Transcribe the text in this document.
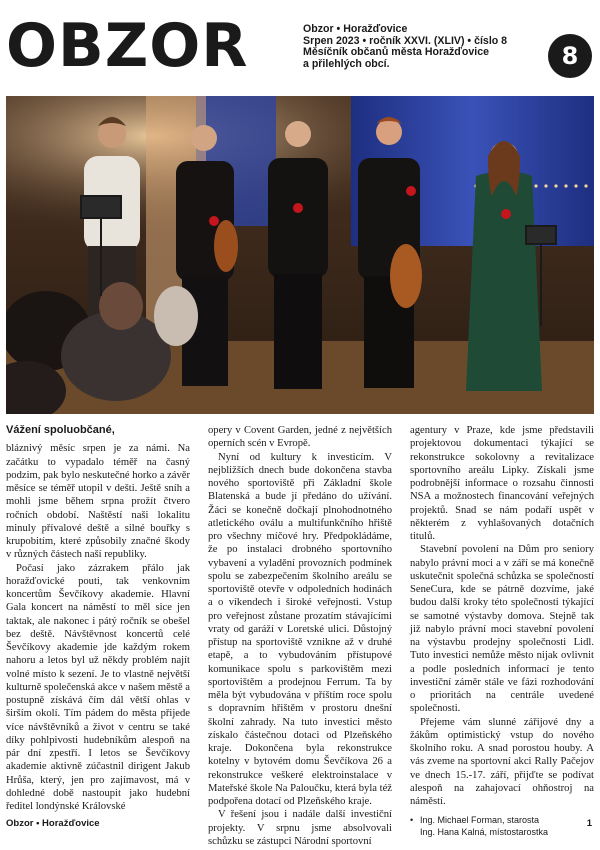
OBZOR	Obzor • Horažďovice
Srpen 2023 • ročník XXVI. (XLIV) • číslo 8
Měsíčník občanů města Horažďovice
a přilehlých obcí.	8

Vážení spoluobčané,

bláznivý měsíc srpen je za námi. Na začátku to vypadalo téměř na časný podzim, pak bylo neskutečné horko a závěr měsíce se téměř utopil v dešti. Ještě sníh a mohli jsme během srpna prožít čtvero ročních období. Naštěstí naši lokalitu minuly přívalové deště a silné bouřky s krupobitím, které způsobily značné škody v různých částech naší republiky.

Počasí jako zázrakem přálo jak horažďovické pouti, tak venkovním koncertům Ševčíkovy akademie. Hlavní Gala koncert na náměstí to měl sice jen taktak, ale nakonec i pátý ročník se obešel bez deště. Návštěvnost koncertů celé Ševčíkovy akademie jde každým rokem nahoru a letos byl už někdy problém najít volné místo k sezení. Je to vlastně největší kulturně společenská akce v našem městě a postupně získává čím dál větší ohlas v širším okolí. Tím pádem do města přijede více návštěvníků a život v centru se také díky pohlpivosti hudebníkům alespoň na pár dní zpestří. I letos se Ševčíkovy akademie aktivně zúčastnil dirigent Jakub Hrůša, který, jen pro zajímavost, má v dohledné době nastoupit jako hudební ředitel londýnské Královské

opery v Covent Garden, jedné z největších operních scén v Evropě.

Nyní od kultury k investicím. V nejbližších dnech bude dokončena stavba nového sportoviště při Základní škole Blatenská a bude jí předáno do užívání. Žáci se konečně dočkají plnohodnotného atletického oválu a multifunkčního hřiště pro všechny míčové hry. Předpokládáme, že po instalaci drobného sportovního vybavení a vyladění provozních podmínek spolu se zabezpečením školního areálu se sportoviště otevře v odpoledních hodinách a o víkendech i široké veřejnosti. Vstup pro veřejnost zůstane prozatím stávajícími vraty od garáží v Loretské ulici. Důstojný přístup na sportoviště vznikne až v druhé etapě, a to vybudováním přístupové komunikace spolu s parkovištěm mezi sportovištěm a prodejnou Ferrum. Ta by měla být vybudována v příštím roce spolu s dopravním hřištěm v prostoru dnešní školní zahrady. Na tuto investici město získalo částečnou dotaci od Plzeňského kraje. Dokončena byla rekonstrukce kotelny v bytovém domu Ševčíkova 26 a rekonstrukce veškeré elektroinstalace v Mateřské škole Na Paloučku, která byla též podpořena dotací od Plzeňského kraje.

V řešení jsou i nadále další investiční projekty. V srpnu jsme absolvovali schůzku se zástupci Národní sportovní

agentury v Praze, kde jsme představili projektovou dokumentaci týkající se rekonstrukce sokolovny a revitalizace sportovního areálu Lipky. Získali jsme podrobnější informace o rozsahu činnosti NSA a možnostech financování veřejných projektů. Snad se nám podaří uspět v některém z vyhlašovaných dotačních titulů.

Stavební povolení na Dům pro seniory nabylo právní moci a v září se má konečně uskutečnit společná schůzka se společností SeneCura, kde se pátrně dozvíme, jaké budou další kroky této společnosti týkající se samotné výstavby domova. Stejně tak již nabylo právní moci stavební povolení na výstavbu prodejny společnosti Lidl. Tuto investici nemůže město nijak ovlivnit a podle posledních informací je tento investiční záměr stále ve fázi rozhodování o prioritách na centrále uvedené společnosti.

Přejeme vám slunné zářijové dny a žákům optimistický vstup do nového školního roku. A snad porostou houby. A vás zveme na sportovní akci Rally Pačejov ve dnech 15.-17. září, přijďte se podívat alespoň na zahajovací ohňostroj na náměstí.

• Ing. Michael Forman, starosta
Ing. Hana Kalná, místostarostka
Obzor • Horažďovice	1
